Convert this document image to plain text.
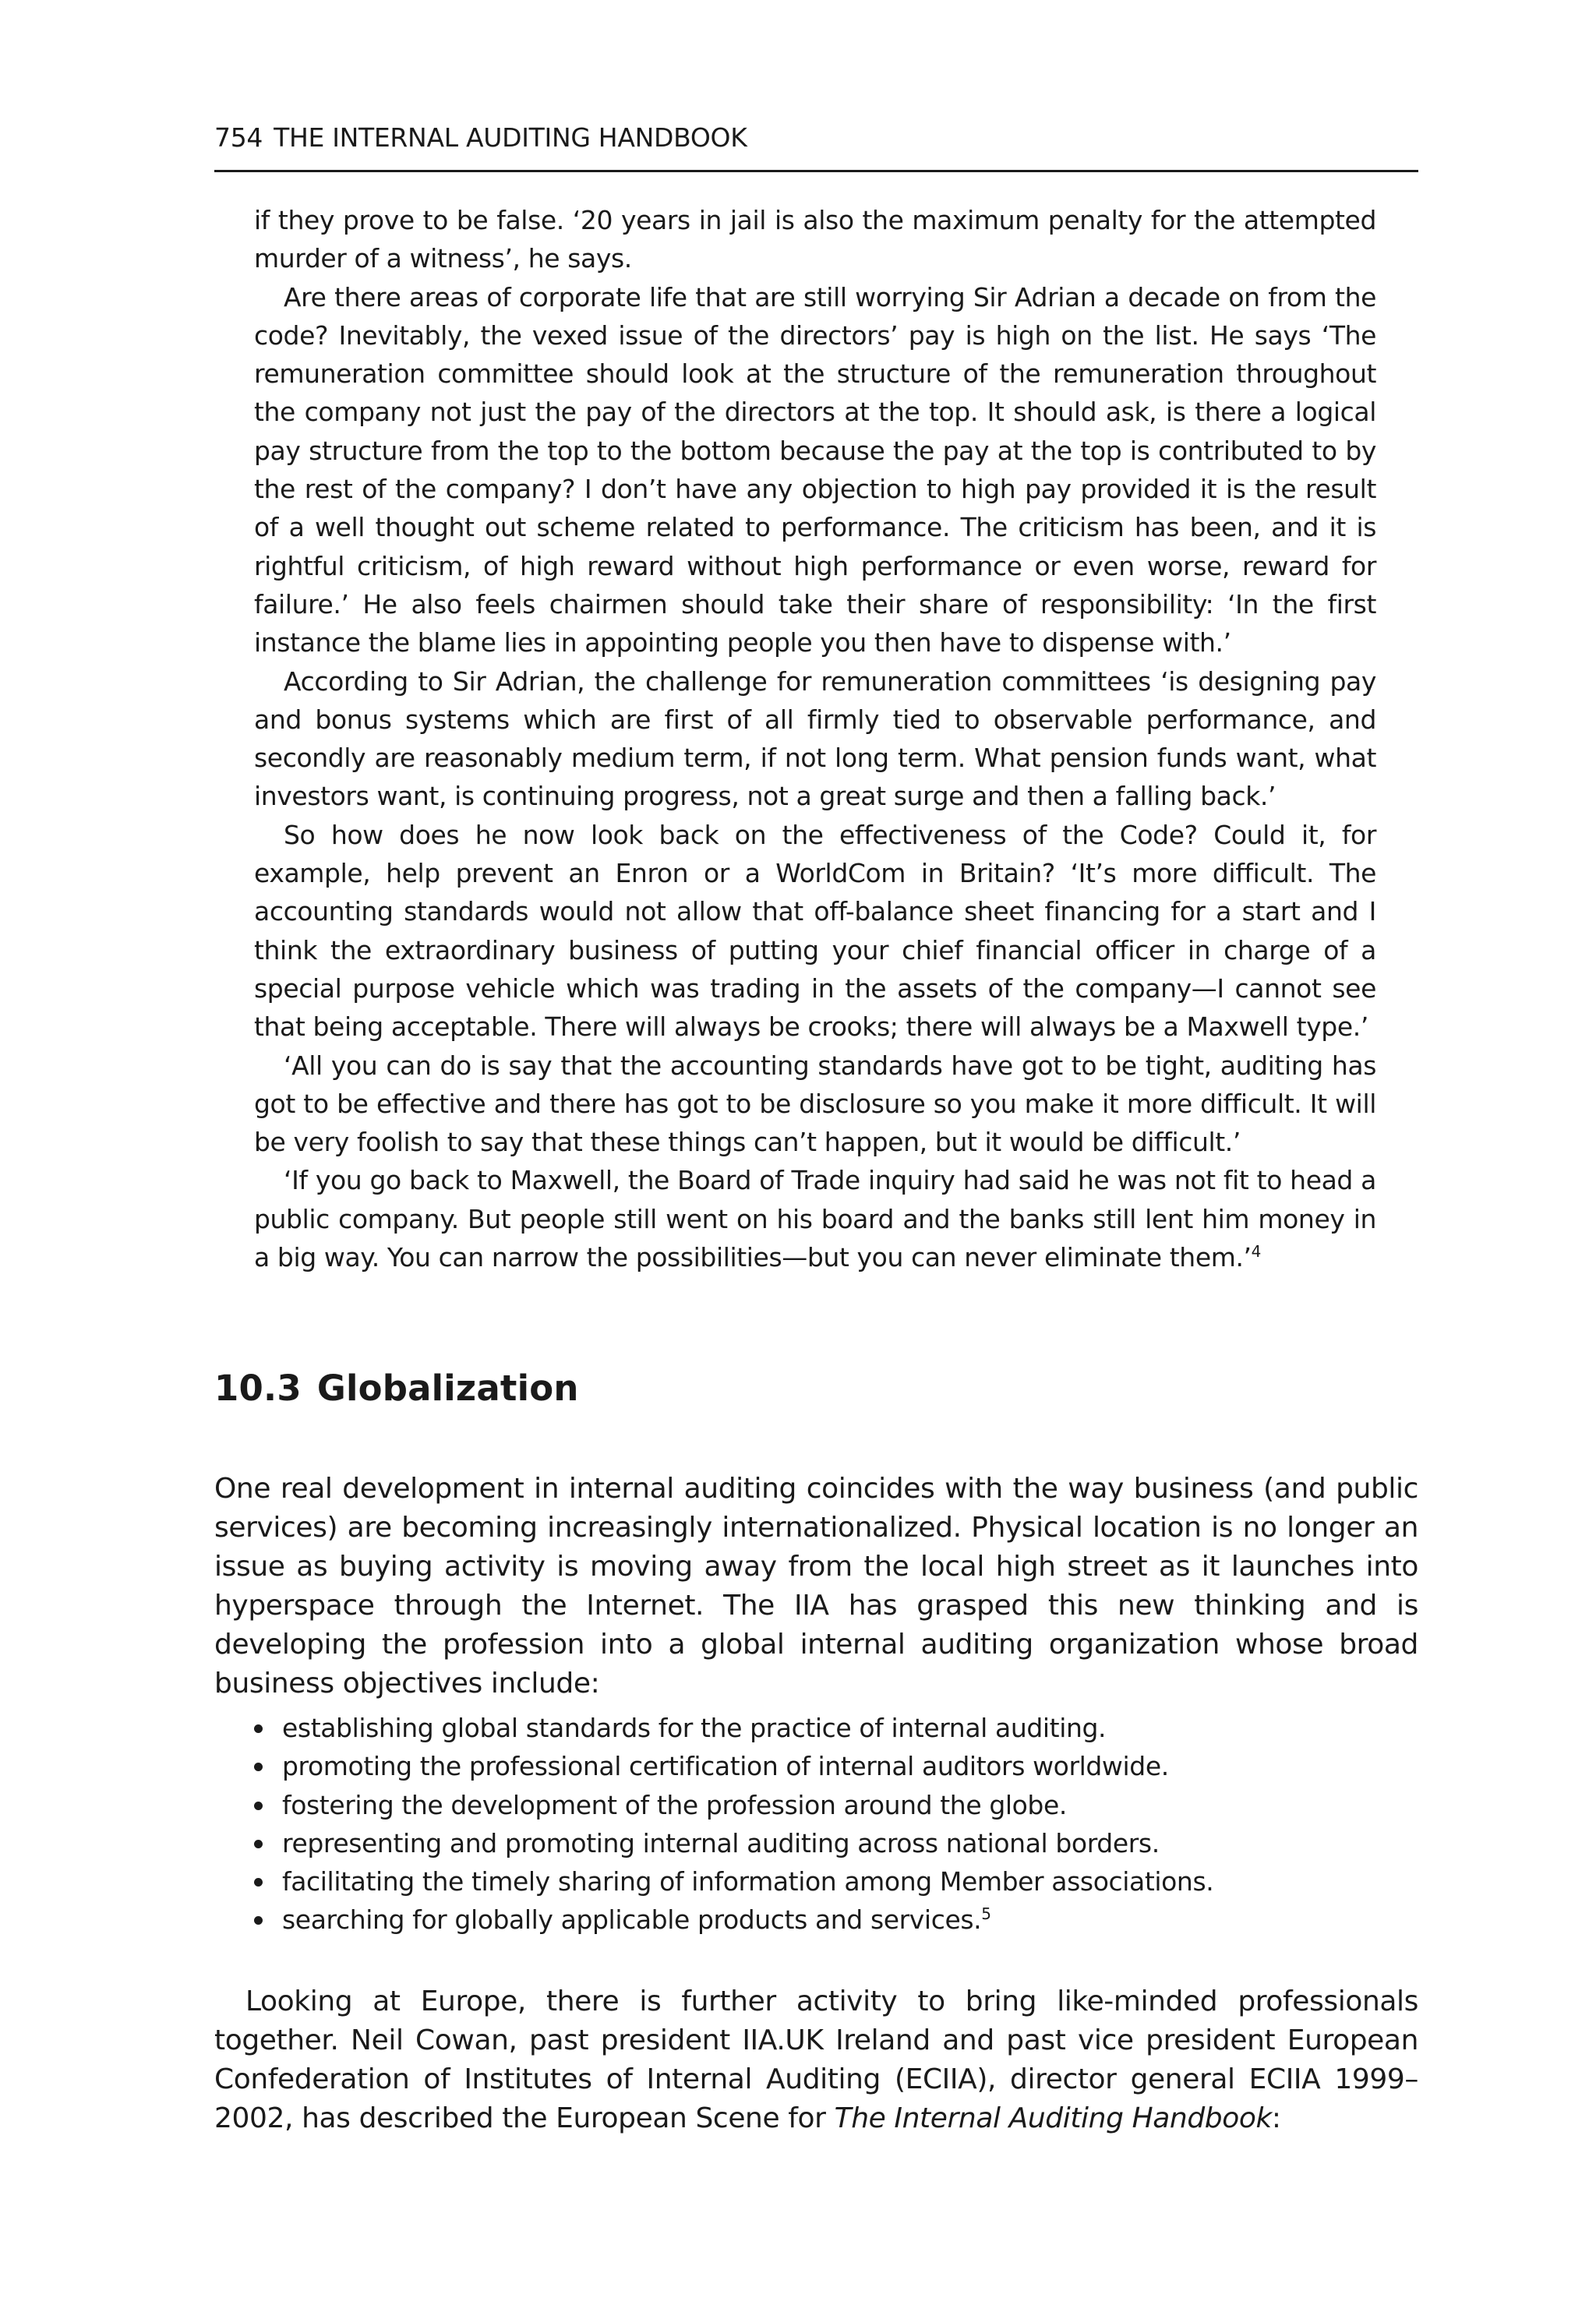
754 THE INTERNAL AUDITING HANDBOOK

if they prove to be false. ‘20 years in jail is also the maximum penalty for the attempted murder of a witness’, he says.

Are there areas of corporate life that are still worrying Sir Adrian a decade on from the code? Inevitably, the vexed issue of the directors’ pay is high on the list. He says ‘The remuneration committee should look at the structure of the remuneration throughout the company not just the pay of the directors at the top. It should ask, is there a logical pay structure from the top to the bottom because the pay at the top is contributed to by the rest of the company? I don’t have any objection to high pay provided it is the result of a well thought out scheme related to performance. The criticism has been, and it is rightful criticism, of high reward without high performance or even worse, reward for failure.’ He also feels chairmen should take their share of responsibility: ‘In the first instance the blame lies in appointing people you then have to dispense with.’

According to Sir Adrian, the challenge for remuneration committees ‘is designing pay and bonus systems which are first of all firmly tied to observable performance, and secondly are reasonably medium term, if not long term. What pension funds want, what investors want, is continuing progress, not a great surge and then a falling back.’

So how does he now look back on the effectiveness of the Code? Could it, for example, help prevent an Enron or a WorldCom in Britain? ‘It’s more difficult. The accounting standards would not allow that off-balance sheet financing for a start and I think the extraordinary business of putting your chief financial officer in charge of a special purpose vehicle which was trading in the assets of the company—I cannot see that being acceptable. There will always be crooks; there will always be a Maxwell type.’

‘All you can do is say that the accounting standards have got to be tight, auditing has got to be effective and there has got to be disclosure so you make it more difficult. It will be very foolish to say that these things can’t happen, but it would be difficult.’

‘If you go back to Maxwell, the Board of Trade inquiry had said he was not fit to head a public company. But people still went on his board and the banks still lent him money in a big way. You can narrow the possibilities—but you can never eliminate them.’$^4$

10.3 Globalization

One real development in internal auditing coincides with the way business (and public services) are becoming increasingly internationalized. Physical location is no longer an issue as buying activity is moving away from the local high street as it launches into hyperspace through the Internet. The IIA has grasped this new thinking and is developing the profession into a global internal auditing organization whose broad business objectives include:

establishing global standards for the practice of internal auditing.
promoting the professional certification of internal auditors worldwide.
fostering the development of the profession around the globe.
representing and promoting internal auditing across national borders.
facilitating the timely sharing of information among Member associations.
searching for globally applicable products and services.$^5$

Looking at Europe, there is further activity to bring like-minded professionals together. Neil Cowan, past president IIA.UK Ireland and past vice president European Confederation of Institutes of Internal Auditing (ECIIA), director general ECIIA 1999–2002, has described the European Scene for The Internal Auditing Handbook:
